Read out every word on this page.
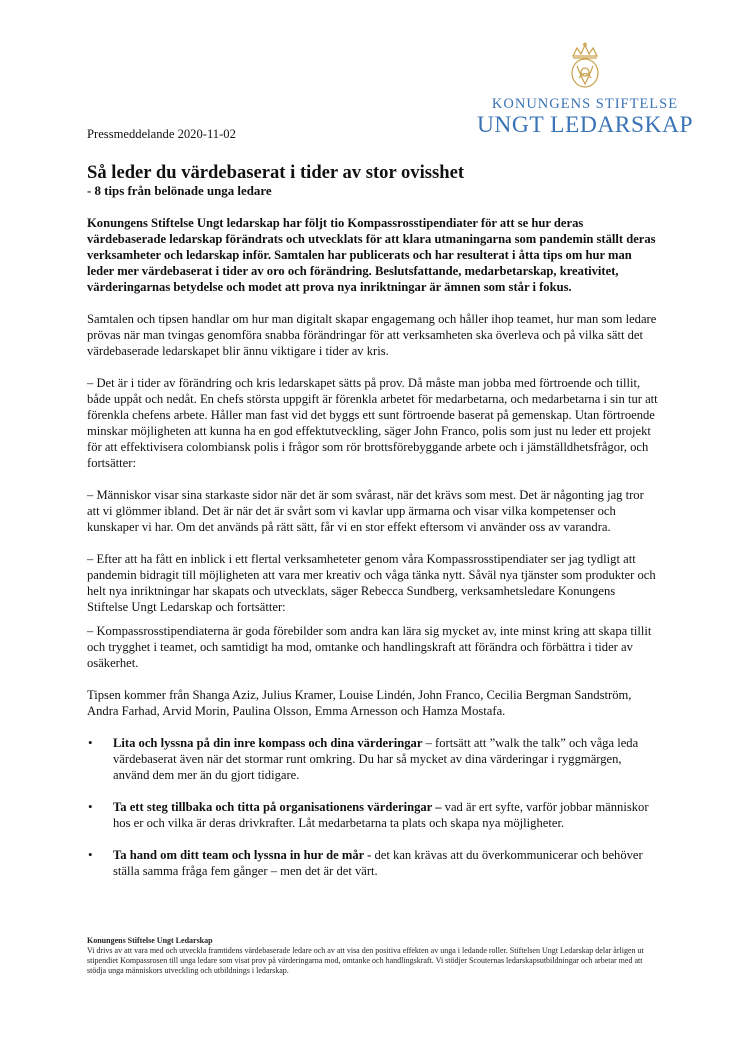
KONUNGENS STIFTELSE
UNGT LEDARSKAP
Pressmeddelande 2020-11-02
Så leder du värdebaserat i tider av stor ovisshet
- 8 tips från belönade unga ledare

Konungens Stiftelse Ungt ledarskap har följt tio Kompassrosstipendiater för att se hur deras värdebaserade ledarskap förändrats och utvecklats för att klara utmaningarna som pandemin ställt deras verksamheter och ledarskap inför. Samtalen har publicerats och har resulterat i åtta tips om hur man leder mer värdebaserat i tider av oro och förändring. Beslutsfattande, medarbetarskap, kreativitet, värderingarnas betydelse och modet att prova nya inriktningar är ämnen som står i fokus.

Samtalen och tipsen handlar om hur man digitalt skapar engagemang och håller ihop teamet, hur man som ledare prövas när man tvingas genomföra snabba förändringar för att verksamheten ska överleva och på vilka sätt det värdebaserade ledarskapet blir ännu viktigare i tider av kris.

– Det är i tider av förändring och kris ledarskapet sätts på prov. Då måste man jobba med förtroende och tillit, både uppåt och nedåt. En chefs största uppgift är förenkla arbetet för medarbetarna, och medarbetarna i sin tur att förenkla chefens arbete. Håller man fast vid det byggs ett sunt förtroende baserat på gemenskap. Utan förtroende minskar möjligheten att kunna ha en god effektutveckling, säger John Franco, polis som just nu leder ett projekt för att effektivisera colombiansk polis i frågor som rör brottsförebyggande arbete och i jämställdhetsfrågor, och fortsätter:

– Människor visar sina starkaste sidor när det är som svårast, när det krävs som mest. Det är någonting jag tror att vi glömmer ibland. Det är när det är svårt som vi kavlar upp ärmarna och visar vilka kompetenser och kunskaper vi har. Om det används på rätt sätt, får vi en stor effekt eftersom vi använder oss av varandra.

– Efter att ha fått en inblick i ett flertal verksamheteter genom våra Kompassrosstipendiater ser jag tydligt att pandemin bidragit till möjligheten att vara mer kreativ och våga tänka nytt. Såväl nya tjänster som produkter och helt nya inriktningar har skapats och utvecklats, säger Rebecca Sundberg, verksamhetsledare Konungens Stiftelse Ungt Ledarskap och fortsätter:

– Kompassrosstipendiaterna är goda förebilder som andra kan lära sig mycket av, inte minst kring att skapa tillit och trygghet i teamet, och samtidigt ha mod, omtanke och handlingskraft att förändra och förbättra i tider av osäkerhet.

Tipsen kommer från Shanga Aziz, Julius Kramer, Louise Lindén, John Franco, Cecilia Bergman Sandström, Andra Farhad, Arvid Morin, Paulina Olsson, Emma Arnesson och Hamza Mostafa.

• Lita och lyssna på din inre kompass och dina värderingar – fortsätt att ”walk the talk” och våga leda värdebaserat även när det stormar runt omkring. Du har så mycket av dina värderingar i ryggmärgen, använd dem mer än du gjort tidigare.
• Ta ett steg tillbaka och titta på organisationens värderingar – vad är ert syfte, varför jobbar människor hos er och vilka är deras drivkrafter. Låt medarbetarna ta plats och skapa nya möjligheter.
• Ta hand om ditt team och lyssna in hur de mår - det kan krävas att du överkommunicerar och behöver ställa samma fråga fem gånger – men det är det värt.
Konungens Stiftelse Ungt Ledarskap
Vi drivs av att vara med och utveckla framtidens värdebaserade ledare och av att visa den positiva effekten av unga i ledande roller. Stiftelsen Ungt Ledarskap delar årligen ut stipendiet Kompassrosen till unga ledare som visat prov på värderingarna mod, omtanke och handlingskraft. Vi stödjer Scouternas ledarskapsutbildningar och arbetar med att stödja unga människors utveckling och utbildnings i ledarskap.
